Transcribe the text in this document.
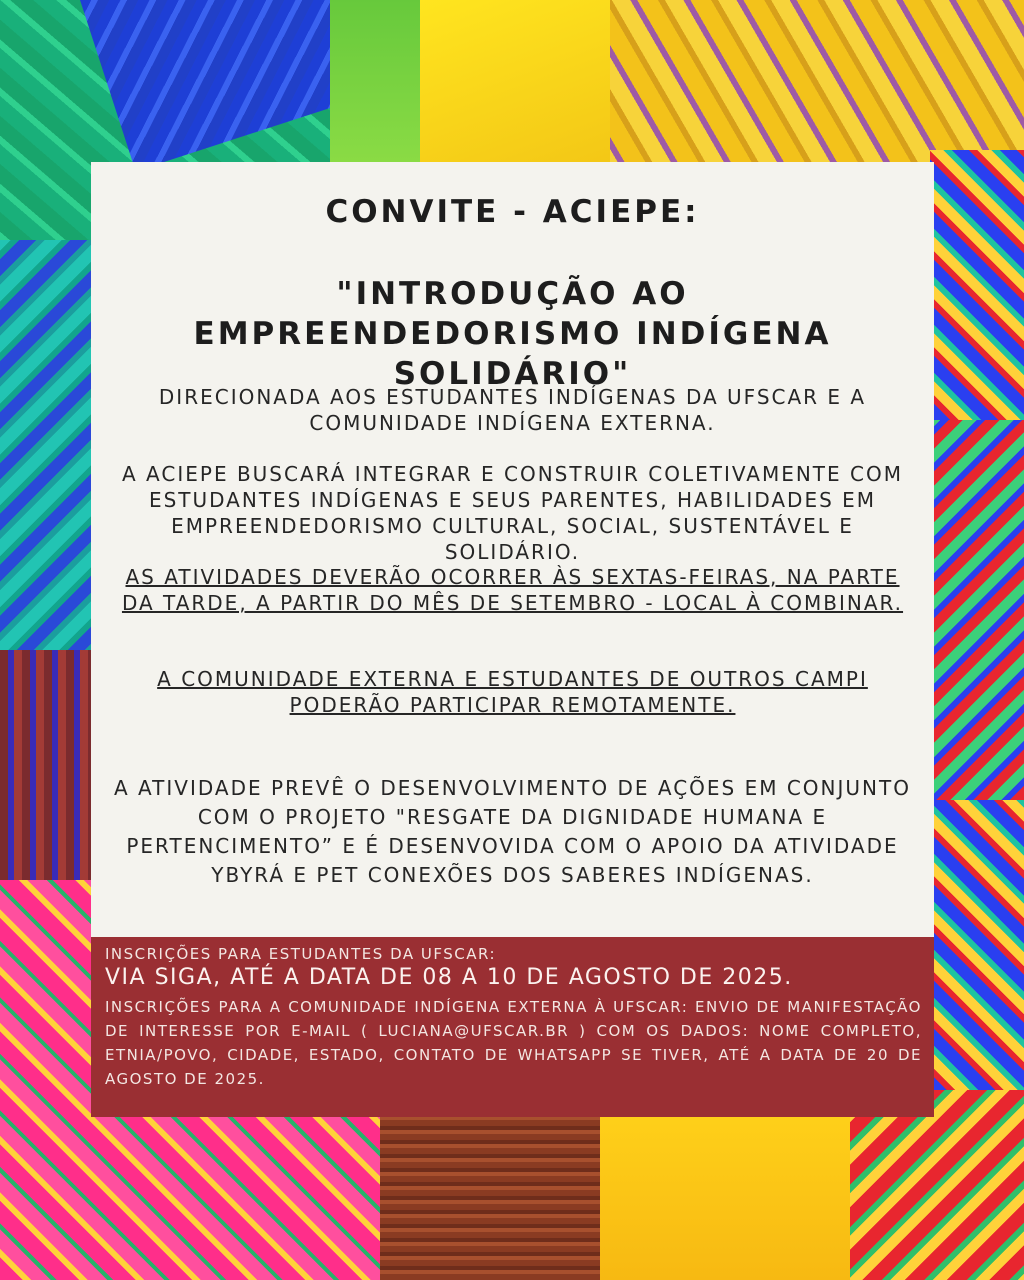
CONVITE - ACIEPE:
"INTRODUÇÃO AO EMPREENDEDORISMO INDÍGENA SOLIDÁRIO"
DIRECIONADA AOS ESTUDANTES INDÍGENAS DA UFSCAR E A COMUNIDADE INDÍGENA EXTERNA.
A ACIEPE BUSCARÁ INTEGRAR E CONSTRUIR COLETIVAMENTE COM ESTUDANTES INDÍGENAS E SEUS PARENTES, HABILIDADES EM EMPREENDEDORISMO CULTURAL, SOCIAL, SUSTENTÁVEL E SOLIDÁRIO.
AS ATIVIDADES DEVERÃO OCORRER ÀS SEXTAS-FEIRAS, NA PARTE DA TARDE, A PARTIR DO MÊS DE SETEMBRO - LOCAL À COMBINAR.
A COMUNIDADE EXTERNA E ESTUDANTES DE OUTROS CAMPI PODERÃO PARTICIPAR REMOTAMENTE.
A ATIVIDADE PREVÊ O DESENVOLVIMENTO DE AÇÕES EM CONJUNTO COM O PROJETO "RESGATE DA DIGNIDADE HUMANA E PERTENCIMENTO” E É DESENVOVIDA COM O APOIO DA ATIVIDADE YBYRÁ E PET CONEXÕES DOS SABERES INDÍGENAS.
INSCRIÇÕES PARA ESTUDANTES DA UFSCAR:
VIA SIGA, ATÉ A DATA DE 08 A 10 DE AGOSTO DE 2025.
INSCRIÇÕES PARA A COMUNIDADE INDÍGENA EXTERNA À UFSCAR: ENVIO DE MANIFESTAÇÃO DE INTERESSE POR E-MAIL ( LUCIANA@UFSCAR.BR ) COM OS DADOS: NOME COMPLETO, ETNIA/POVO, CIDADE, ESTADO, CONTATO DE WHATSAPP SE TIVER, ATÉ A DATA DE 20 DE AGOSTO DE 2025.
